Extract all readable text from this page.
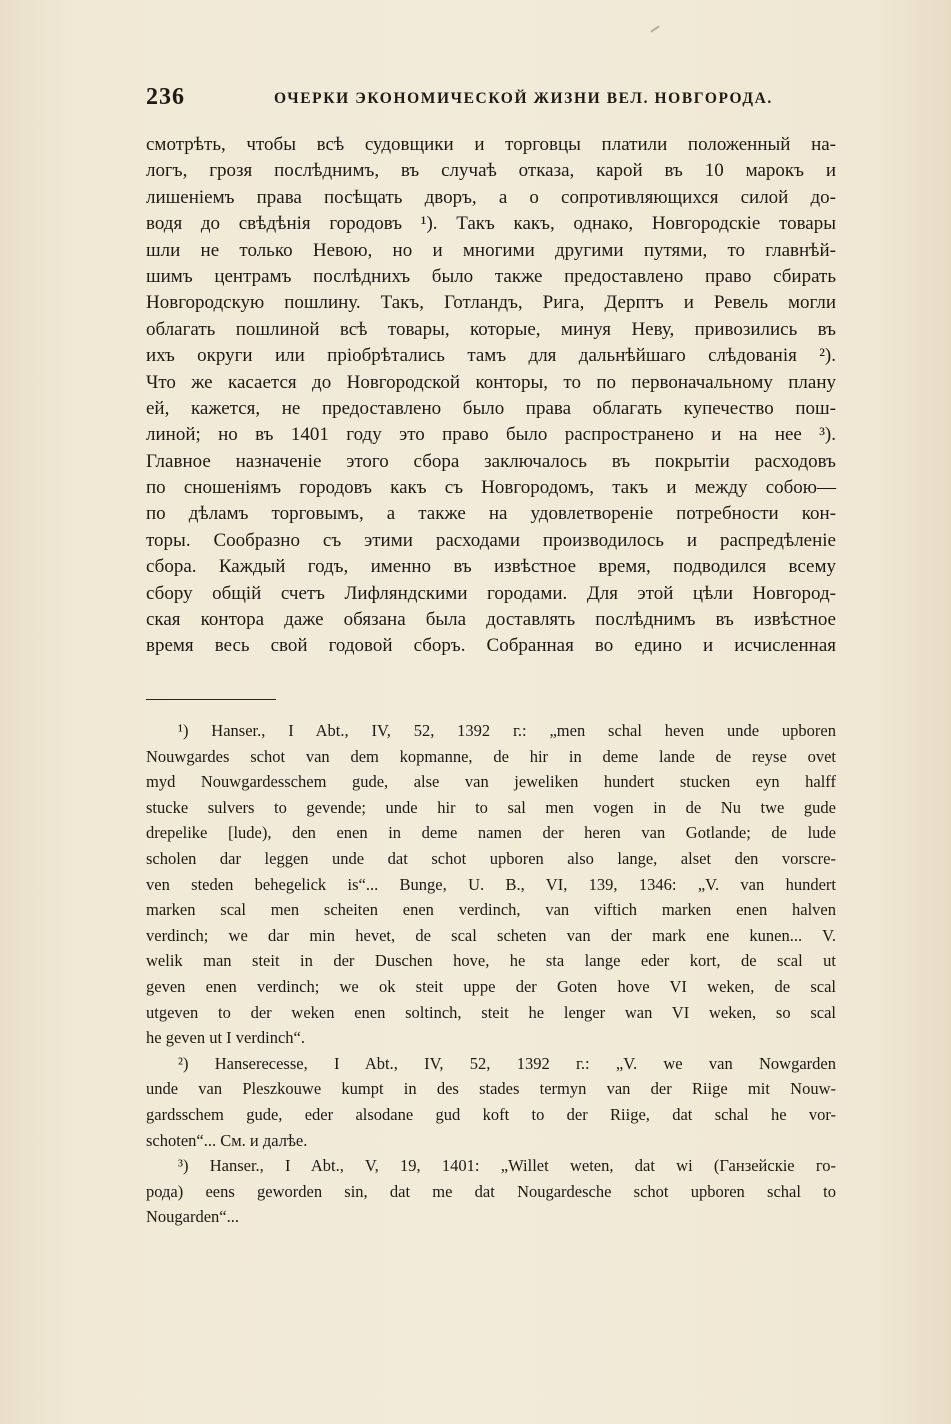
236	ОЧЕРКИ ЭКОНОМИЧЕСКОЙ ЖИЗНИ ВЕЛ. НОВГОРОДА.
смотрѣть, чтобы всѣ судовщики и торговцы платили положенный на-
логъ, грозя послѣднимъ, въ случаѣ отказа, карой въ 10 марокъ и
лишеніемъ права посѣщать дворъ, а о сопротивляющихся силой до-
водя до свѣдѣнія городовъ ¹). Такъ какъ, однако, Новгородскіе товары
шли не только Невою, но и многими другими путями, то главнѣй-
шимъ центрамъ послѣднихъ было также предоставлено право сбирать
Новгородскую пошлину. Такъ, Готландъ, Рига, Дерптъ и Ревель могли
облагать пошлиной всѣ товары, которые, минуя Неву, привозились въ
ихъ округи или пріобрѣтались тамъ для дальнѣйшаго слѣдованія ²).
Что же касается до Новгородской конторы, то по первоначальному плану
ей, кажется, не предоставлено было права облагать купечество пош-
линой; но въ 1401 году это право было распространено и на нее ³).
Главное назначеніе этого сбора заключалось въ покрытіи расходовъ
по сношеніямъ городовъ какъ съ Новгородомъ, такъ и между собою—
по дѣламъ торговымъ, а также на удовлетвореніе потребности кон-
торы. Сообразно съ этими расходами производилось и распредѣленіе
сбора. Каждый годъ, именно въ извѣстное время, подводился всему
сбору общій счетъ Лифляндскими городами. Для этой цѣли Новгород-
ская контора даже обязана была доставлять послѣднимъ въ извѣстное
время весь свой годовой сборъ. Собранная во едино и исчисленная
¹) Hanser., I Abt., IV, 52, 1392 г.: „men schal heven unde upboren
Nouwgardes schot van dem kopmanne, de hir in deme lande de reyse ovet
myd Nouwgardesschem gude, alse van jeweliken hundert stucken eyn halff
stucke sulvers to gevende; unde hir to sal men vogen in de Nu twe gude
drepelike [lude), den enen in deme namen der heren van Gotlande; de lude
scholen dar leggen unde dat schot upboren also lange, alset den vorscre-
ven steden behegelick is“... Bunge, U. B., VI, 139, 1346: „V. van hundert
marken scal men scheiten enen verdinch, van viftich marken enen halven
verdinch; we dar min hevet, de scal scheten van der mark ene kunen... V.
welik man steit in der Duschen hove, he sta lange eder kort, de scal ut
geven enen verdinch; we ok steit uppe der Goten hove VI weken, de scal
utgeven to der weken enen soltinch, steit he lenger wan VI weken, so scal
he geven ut I verdinch“.
²) Hanserecesse, I Abt., IV, 52, 1392 г.: „V. we van Nowgarden
unde van Pleszkouwe kumpt in des stades termyn van der Riige mit Nouw-
gardsschem gude, eder alsodane gud koft to der Riige, dat schal he vor-
schoten“... См. и далѣе.
³) Hanser., I Abt., V, 19, 1401: „Willet weten, dat wi (Ганзейскіе го-
рода) eens geworden sin, dat me dat Nougardesche schot upboren schal to
Nougarden“...
